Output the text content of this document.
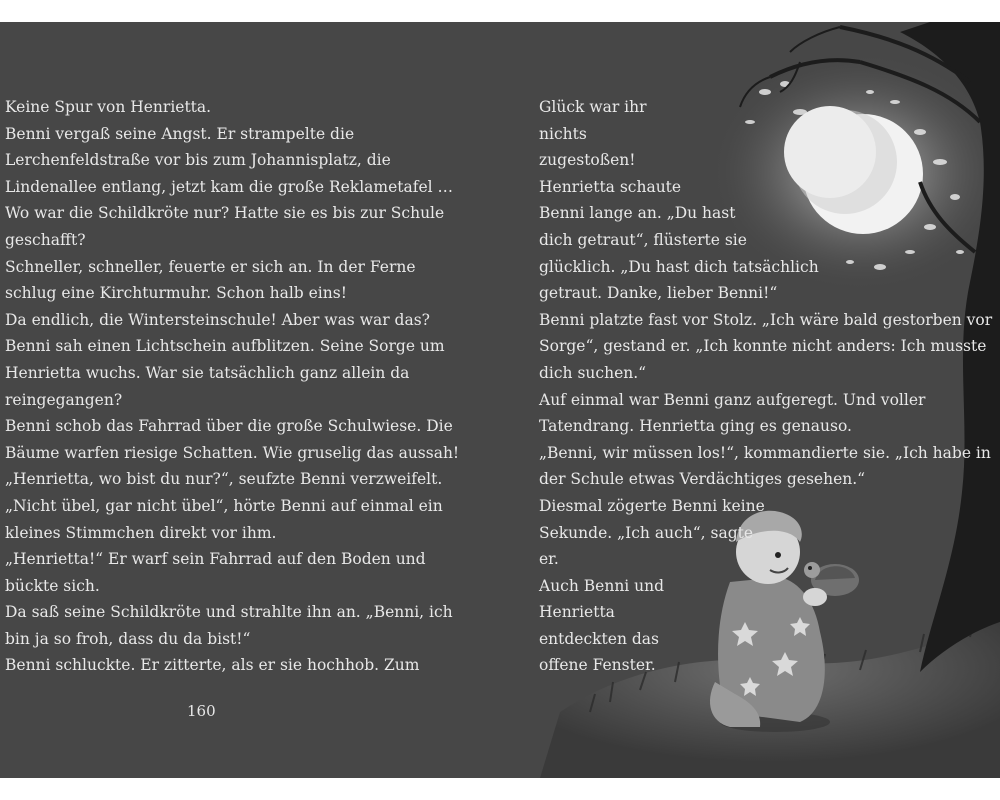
Keine Spur von Henrietta.
Benni vergaß seine Angst. Er strampelte die
Lerchenfeldstraße vor bis zum Johannisplatz, die
Lindenallee entlang, jetzt kam die große Reklametafel …
Wo war die Schildkröte nur? Hatte sie es bis zur Schule
geschafft?
Schneller, schneller, feuerte er sich an. In der Ferne
schlug eine Kirchturmuhr. Schon halb eins!
Da endlich, die Wintersteinschule! Aber was war das?
Benni sah einen Lichtschein aufblitzen. Seine Sorge um
Henrietta wuchs. War sie tatsächlich ganz allein da
reingegangen?
Benni schob das Fahrrad über die große Schulwiese. Die
Bäume warfen riesige Schatten. Wie gruselig das aussah!
„Henrietta, wo bist du nur?“, seufzte Benni verzweifelt.
„Nicht übel, gar nicht übel“, hörte Benni auf einmal ein
kleines Stimmchen direkt vor ihm.
„Henrietta!“ Er warf sein Fahrrad auf den Boden und
bückte sich.
Da saß seine Schildkröte und strahlte ihn an. „Benni, ich
bin ja so froh, dass du da bist!“
Benni schluckte. Er zitterte, als er sie hochhob. Zum
160
Glück war ihr
nichts
zugestoßen!
Henrietta schaute
Benni lange an. „Du hast
dich getraut“, flüsterte sie
glücklich. „Du hast dich tatsächlich
getraut. Danke, lieber Benni!“
Benni platzte fast vor Stolz. „Ich wäre bald gestorben vor
Sorge“, gestand er. „Ich konnte nicht anders: Ich musste
dich suchen.“
Auf einmal war Benni ganz aufgeregt. Und voller
Tatendrang. Henrietta ging es genauso.
„Benni, wir müssen los!“, kommandierte sie. „Ich habe in
der Schule etwas Verdächtiges gesehen.“
Diesmal zögerte Benni keine
Sekunde. „Ich auch“, sagte
er.
Auch Benni und
Henrietta
entdeckten das
offene Fenster.
